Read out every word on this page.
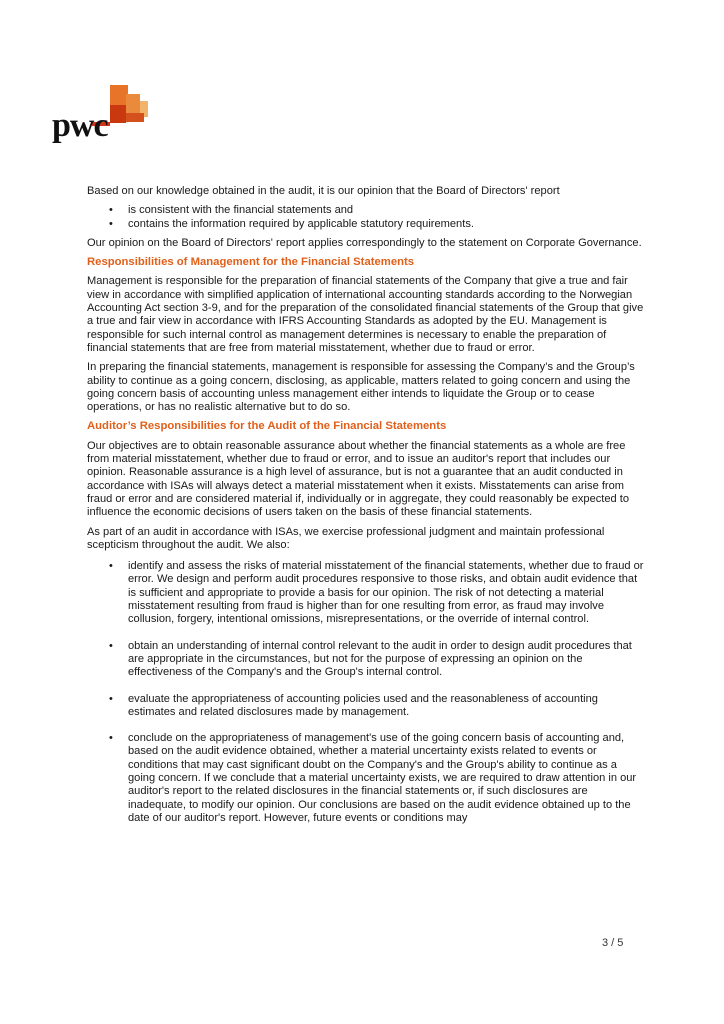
pwc

Based on our knowledge obtained in the audit, it is our opinion that the Board of Directors' report

• is consistent with the financial statements and
• contains the information required by applicable statutory requirements.

Our opinion on the Board of Directors' report applies correspondingly to the statement on Corporate Governance.

Responsibilities of Management for the Financial Statements

Management is responsible for the preparation of financial statements of the Company that give a true and fair view in accordance with simplified application of international accounting standards according to the Norwegian Accounting Act section 3-9, and for the preparation of the consolidated financial statements of the Group that give a true and fair view in accordance with IFRS Accounting Standards as adopted by the EU. Management is responsible for such internal control as management determines is necessary to enable the preparation of financial statements that are free from material misstatement, whether due to fraud or error.

In preparing the financial statements, management is responsible for assessing the Company’s and the Group’s ability to continue as a going concern, disclosing, as applicable, matters related to going concern and using the going concern basis of accounting unless management either intends to liquidate the Group or to cease operations, or has no realistic alternative but to do so.

Auditor’s Responsibilities for the Audit of the Financial Statements

Our objectives are to obtain reasonable assurance about whether the financial statements as a whole are free from material misstatement, whether due to fraud or error, and to issue an auditor's report that includes our opinion. Reasonable assurance is a high level of assurance, but is not a guarantee that an audit conducted in accordance with ISAs will always detect a material misstatement when it exists. Misstatements can arise from fraud or error and are considered material if, individually or in aggregate, they could reasonably be expected to influence the economic decisions of users taken on the basis of these financial statements.

As part of an audit in accordance with ISAs, we exercise professional judgment and maintain professional scepticism throughout the audit. We also:

• identify and assess the risks of material misstatement of the financial statements, whether due to fraud or error. We design and perform audit procedures responsive to those risks, and obtain audit evidence that is sufficient and appropriate to provide a basis for our opinion. The risk of not detecting a material misstatement resulting from fraud is higher than for one resulting from error, as fraud may involve collusion, forgery, intentional omissions, misrepresentations, or the override of internal control.
• obtain an understanding of internal control relevant to the audit in order to design audit procedures that are appropriate in the circumstances, but not for the purpose of expressing an opinion on the effectiveness of the Company's and the Group's internal control.
• evaluate the appropriateness of accounting policies used and the reasonableness of accounting estimates and related disclosures made by management.
• conclude on the appropriateness of management's use of the going concern basis of accounting and, based on the audit evidence obtained, whether a material uncertainty exists related to events or conditions that may cast significant doubt on the Company's and the Group's ability to continue as a going concern. If we conclude that a material uncertainty exists, we are required to draw attention in our auditor's report to the related disclosures in the financial statements or, if such disclosures are inadequate, to modify our opinion. Our conclusions are based on the audit evidence obtained up to the date of our auditor's report. However, future events or conditions may
3 / 5
